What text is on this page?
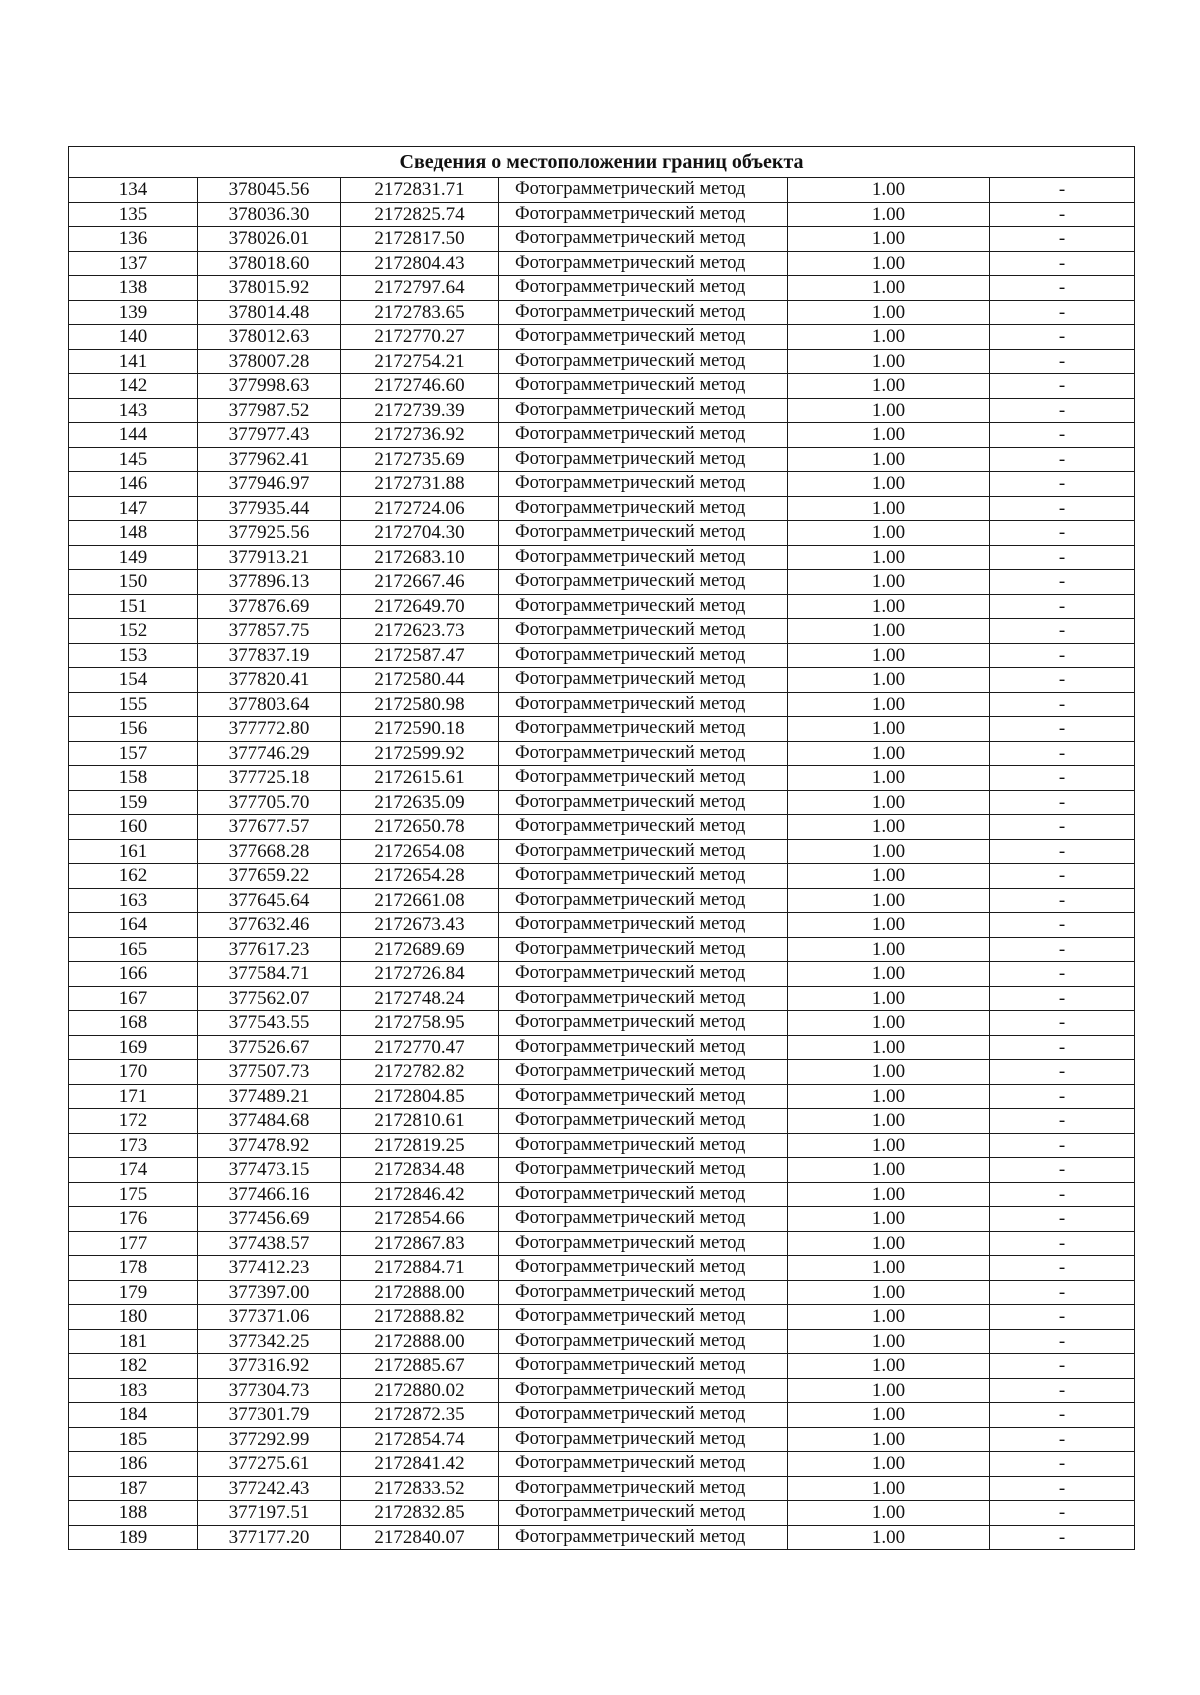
Сведения о местоположении границ объекта					
134	378045.56	2172831.71	Фотограмметрический метод	1.00	-
135	378036.30	2172825.74	Фотограмметрический метод	1.00	-
136	378026.01	2172817.50	Фотограмметрический метод	1.00	-
137	378018.60	2172804.43	Фотограмметрический метод	1.00	-
138	378015.92	2172797.64	Фотограмметрический метод	1.00	-
139	378014.48	2172783.65	Фотограмметрический метод	1.00	-
140	378012.63	2172770.27	Фотограмметрический метод	1.00	-
141	378007.28	2172754.21	Фотограмметрический метод	1.00	-
142	377998.63	2172746.60	Фотограмметрический метод	1.00	-
143	377987.52	2172739.39	Фотограмметрический метод	1.00	-
144	377977.43	2172736.92	Фотограмметрический метод	1.00	-
145	377962.41	2172735.69	Фотограмметрический метод	1.00	-
146	377946.97	2172731.88	Фотограмметрический метод	1.00	-
147	377935.44	2172724.06	Фотограмметрический метод	1.00	-
148	377925.56	2172704.30	Фотограмметрический метод	1.00	-
149	377913.21	2172683.10	Фотограмметрический метод	1.00	-
150	377896.13	2172667.46	Фотограмметрический метод	1.00	-
151	377876.69	2172649.70	Фотограмметрический метод	1.00	-
152	377857.75	2172623.73	Фотограмметрический метод	1.00	-
153	377837.19	2172587.47	Фотограмметрический метод	1.00	-
154	377820.41	2172580.44	Фотограмметрический метод	1.00	-
155	377803.64	2172580.98	Фотограмметрический метод	1.00	-
156	377772.80	2172590.18	Фотограмметрический метод	1.00	-
157	377746.29	2172599.92	Фотограмметрический метод	1.00	-
158	377725.18	2172615.61	Фотограмметрический метод	1.00	-
159	377705.70	2172635.09	Фотограмметрический метод	1.00	-
160	377677.57	2172650.78	Фотограмметрический метод	1.00	-
161	377668.28	2172654.08	Фотограмметрический метод	1.00	-
162	377659.22	2172654.28	Фотограмметрический метод	1.00	-
163	377645.64	2172661.08	Фотограмметрический метод	1.00	-
164	377632.46	2172673.43	Фотограмметрический метод	1.00	-
165	377617.23	2172689.69	Фотограмметрический метод	1.00	-
166	377584.71	2172726.84	Фотограмметрический метод	1.00	-
167	377562.07	2172748.24	Фотограмметрический метод	1.00	-
168	377543.55	2172758.95	Фотограмметрический метод	1.00	-
169	377526.67	2172770.47	Фотограмметрический метод	1.00	-
170	377507.73	2172782.82	Фотограмметрический метод	1.00	-
171	377489.21	2172804.85	Фотограмметрический метод	1.00	-
172	377484.68	2172810.61	Фотограмметрический метод	1.00	-
173	377478.92	2172819.25	Фотограмметрический метод	1.00	-
174	377473.15	2172834.48	Фотограмметрический метод	1.00	-
175	377466.16	2172846.42	Фотограмметрический метод	1.00	-
176	377456.69	2172854.66	Фотограмметрический метод	1.00	-
177	377438.57	2172867.83	Фотограмметрический метод	1.00	-
178	377412.23	2172884.71	Фотограмметрический метод	1.00	-
179	377397.00	2172888.00	Фотограмметрический метод	1.00	-
180	377371.06	2172888.82	Фотограмметрический метод	1.00	-
181	377342.25	2172888.00	Фотограмметрический метод	1.00	-
182	377316.92	2172885.67	Фотограмметрический метод	1.00	-
183	377304.73	2172880.02	Фотограмметрический метод	1.00	-
184	377301.79	2172872.35	Фотограмметрический метод	1.00	-
185	377292.99	2172854.74	Фотограмметрический метод	1.00	-
186	377275.61	2172841.42	Фотограмметрический метод	1.00	-
187	377242.43	2172833.52	Фотограмметрический метод	1.00	-
188	377197.51	2172832.85	Фотограмметрический метод	1.00	-
189	377177.20	2172840.07	Фотограмметрический метод	1.00	-
